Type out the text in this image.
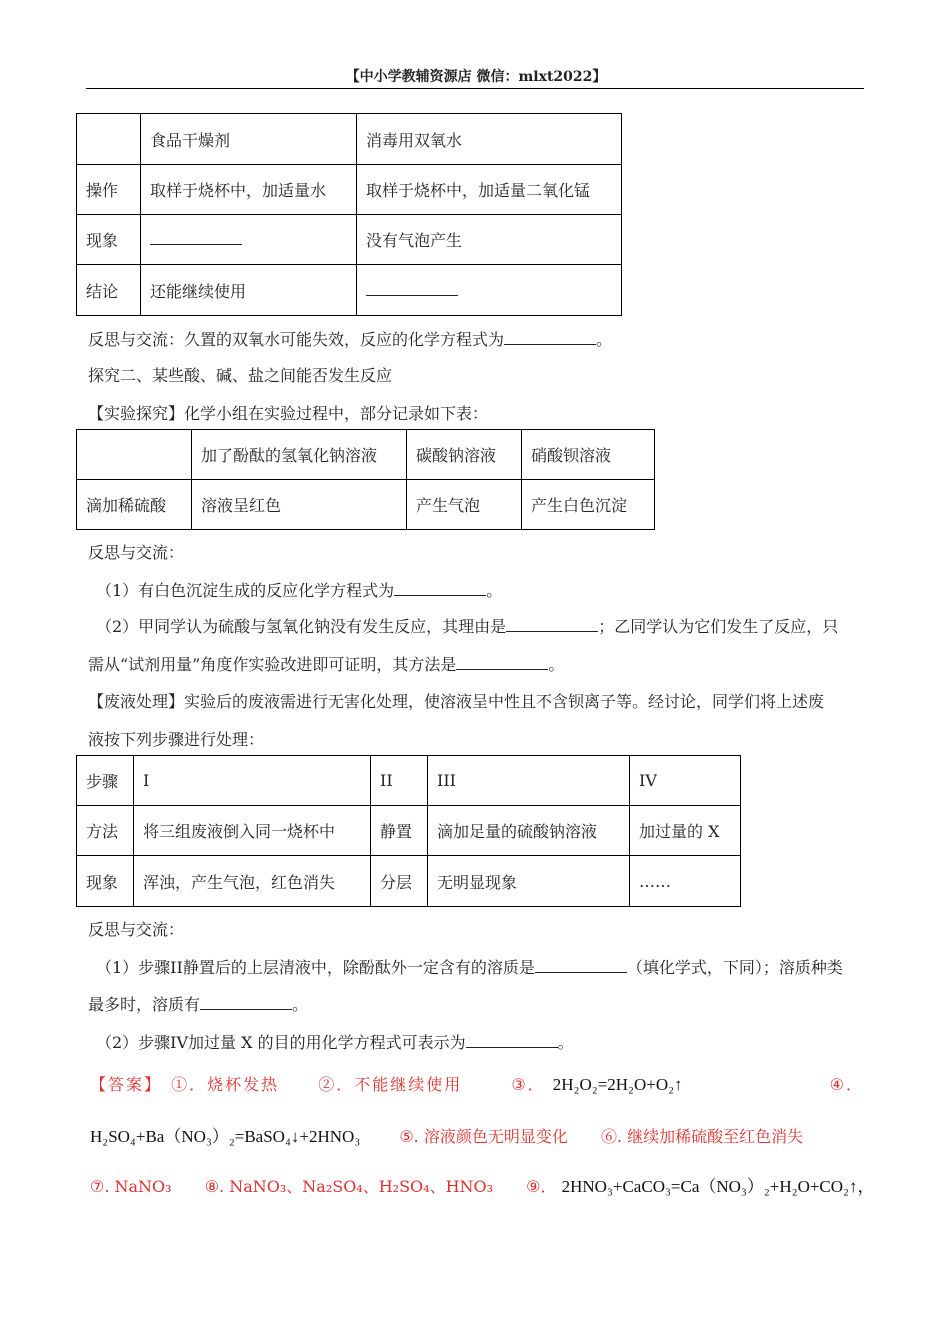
【中小学教辅资源店 微信：mlxt2022】
	食品干燥剂	消毒用双氧水
操作	取样于烧杯中，加适量水	取样于烧杯中，加适量二氧化锰
现象		没有气泡产生
结论	还能继续使用	
反思与交流：久置的双氧水可能失效，反应的化学方程式为	。
探究二、某些酸、碱、盐之间能否发生反应
【实验探究】化学小组在实验过程中，部分记录如下表：
	加了酚酞的氢氧化钠溶液	碳酸钠溶液	硝酸钡溶液
滴加稀硫酸	溶液呈红色	产生气泡	产生白色沉淀
反思与交流：
（1）有白色沉淀生成的反应化学方程式为	。
（2）甲同学认为硫酸与氢氧化钠没有发生反应，其理由是	；乙同学认为它们发生了反应，只
需从“试剂用量”角度作实验改进即可证明，其方法是	。
【废液处理】实验后的废液需进行无害化处理，使溶液呈中性且不含钡离子等。经讨论，同学们将上述废
液按下列步骤进行处理：
步骤	I	II	III	IV
方法	将三组废液倒入同一烧杯中	静置	滴加足量的硫酸钠溶液	加过量的 X
现象	浑浊，产生气泡，红色消失	分层	无明显现象	……
反思与交流：
（1）步骤II静置后的上层清液中，除酚酞外一定含有的溶质是	（填化学式，下同）；溶质种类
最多时，溶质有	。
（2）步骤IV加过量 X 的目的用化学方程式可表示为	。
【答案】 ①．烧杯发热 ②．不能继续使用	③． 2H₂O₂=2H₂O+O₂↑	④．
H₂SO₄+Ba（NO₃）₂=BaSO₄↓+2HNO₃ ⑤. 溶液颜色无明显变化 ⑥. 继续加稀硫酸至红色消失
⑦. NaNO₃ ⑧. NaNO₃、Na₂SO₄、H₂SO₄、HNO₃ ⑨． 2HNO₃+CaCO₃=Ca（NO₃）₂+H₂O+CO₂↑，
